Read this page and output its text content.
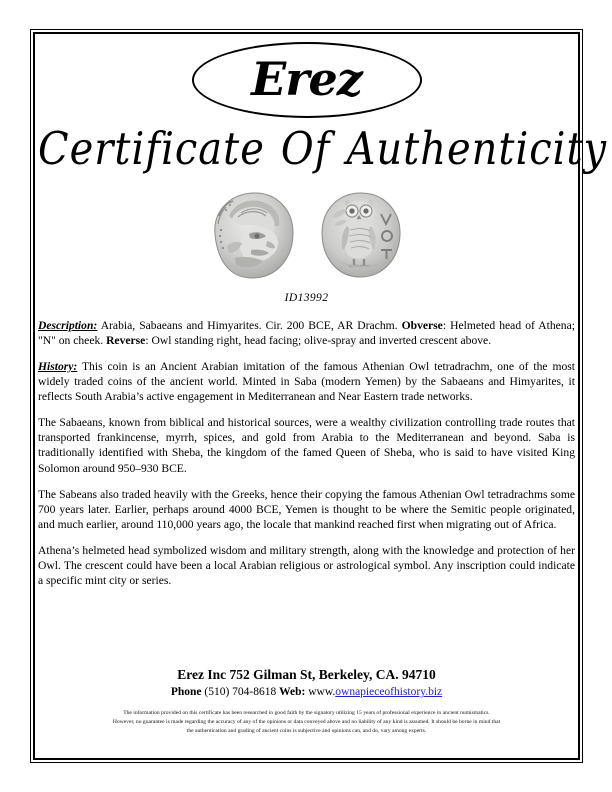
Erez
Certificate Of Authenticity

ID13992

Description: Arabia, Sabaeans and Himyarites. Cir. 200 BCE, AR Drachm. Obverse: Helmeted head of Athena; "N" on cheek. Reverse: Owl standing right, head facing; olive-spray and inverted crescent above.

History: This coin is an Ancient Arabian imitation of the famous Athenian Owl tetradrachm, one of the most widely traded coins of the ancient world. Minted in Saba (modern Yemen) by the Sabaeans and Himyarites, it reflects South Arabia’s active engagement in Mediterranean and Near Eastern trade networks.

The Sabaeans, known from biblical and historical sources, were a wealthy civilization controlling trade routes that transported frankincense, myrrh, spices, and gold from Arabia to the Mediterranean and beyond. Saba is traditionally identified with Sheba, the kingdom of the famed Queen of Sheba, who is said to have visited King Solomon around 950–930 BCE.

The Sabeans also traded heavily with the Greeks, hence their copying the famous Athenian Owl tetradrachms some 700 years later. Earlier, perhaps around 4000 BCE, Yemen is thought to be where the Semitic people originated, and much earlier, around 110,000 years ago, the locale that mankind reached first when migrating out of Africa.

Athena’s helmeted head symbolized wisdom and military strength, along with the knowledge and protection of her Owl. The crescent could have been a local Arabian religious or astrological symbol. Any inscription could indicate a specific mint city or series.

Erez Inc 752 Gilman St, Berkeley, CA. 94710
Phone (510) 704-8618 Web: www.ownapieceofhistory.biz
The information provided on this certificate has been researched in good faith by the signatory utilizing 15 years of professional experience in ancient numismatics.
However, no guarantee is made regarding the accuracy of any of the opinions or data conveyed above and no liability of any kind is assumed. It should be borne in mind that
the authentication and grading of ancient coins is subjective and opinions can, and do, vary among experts.
